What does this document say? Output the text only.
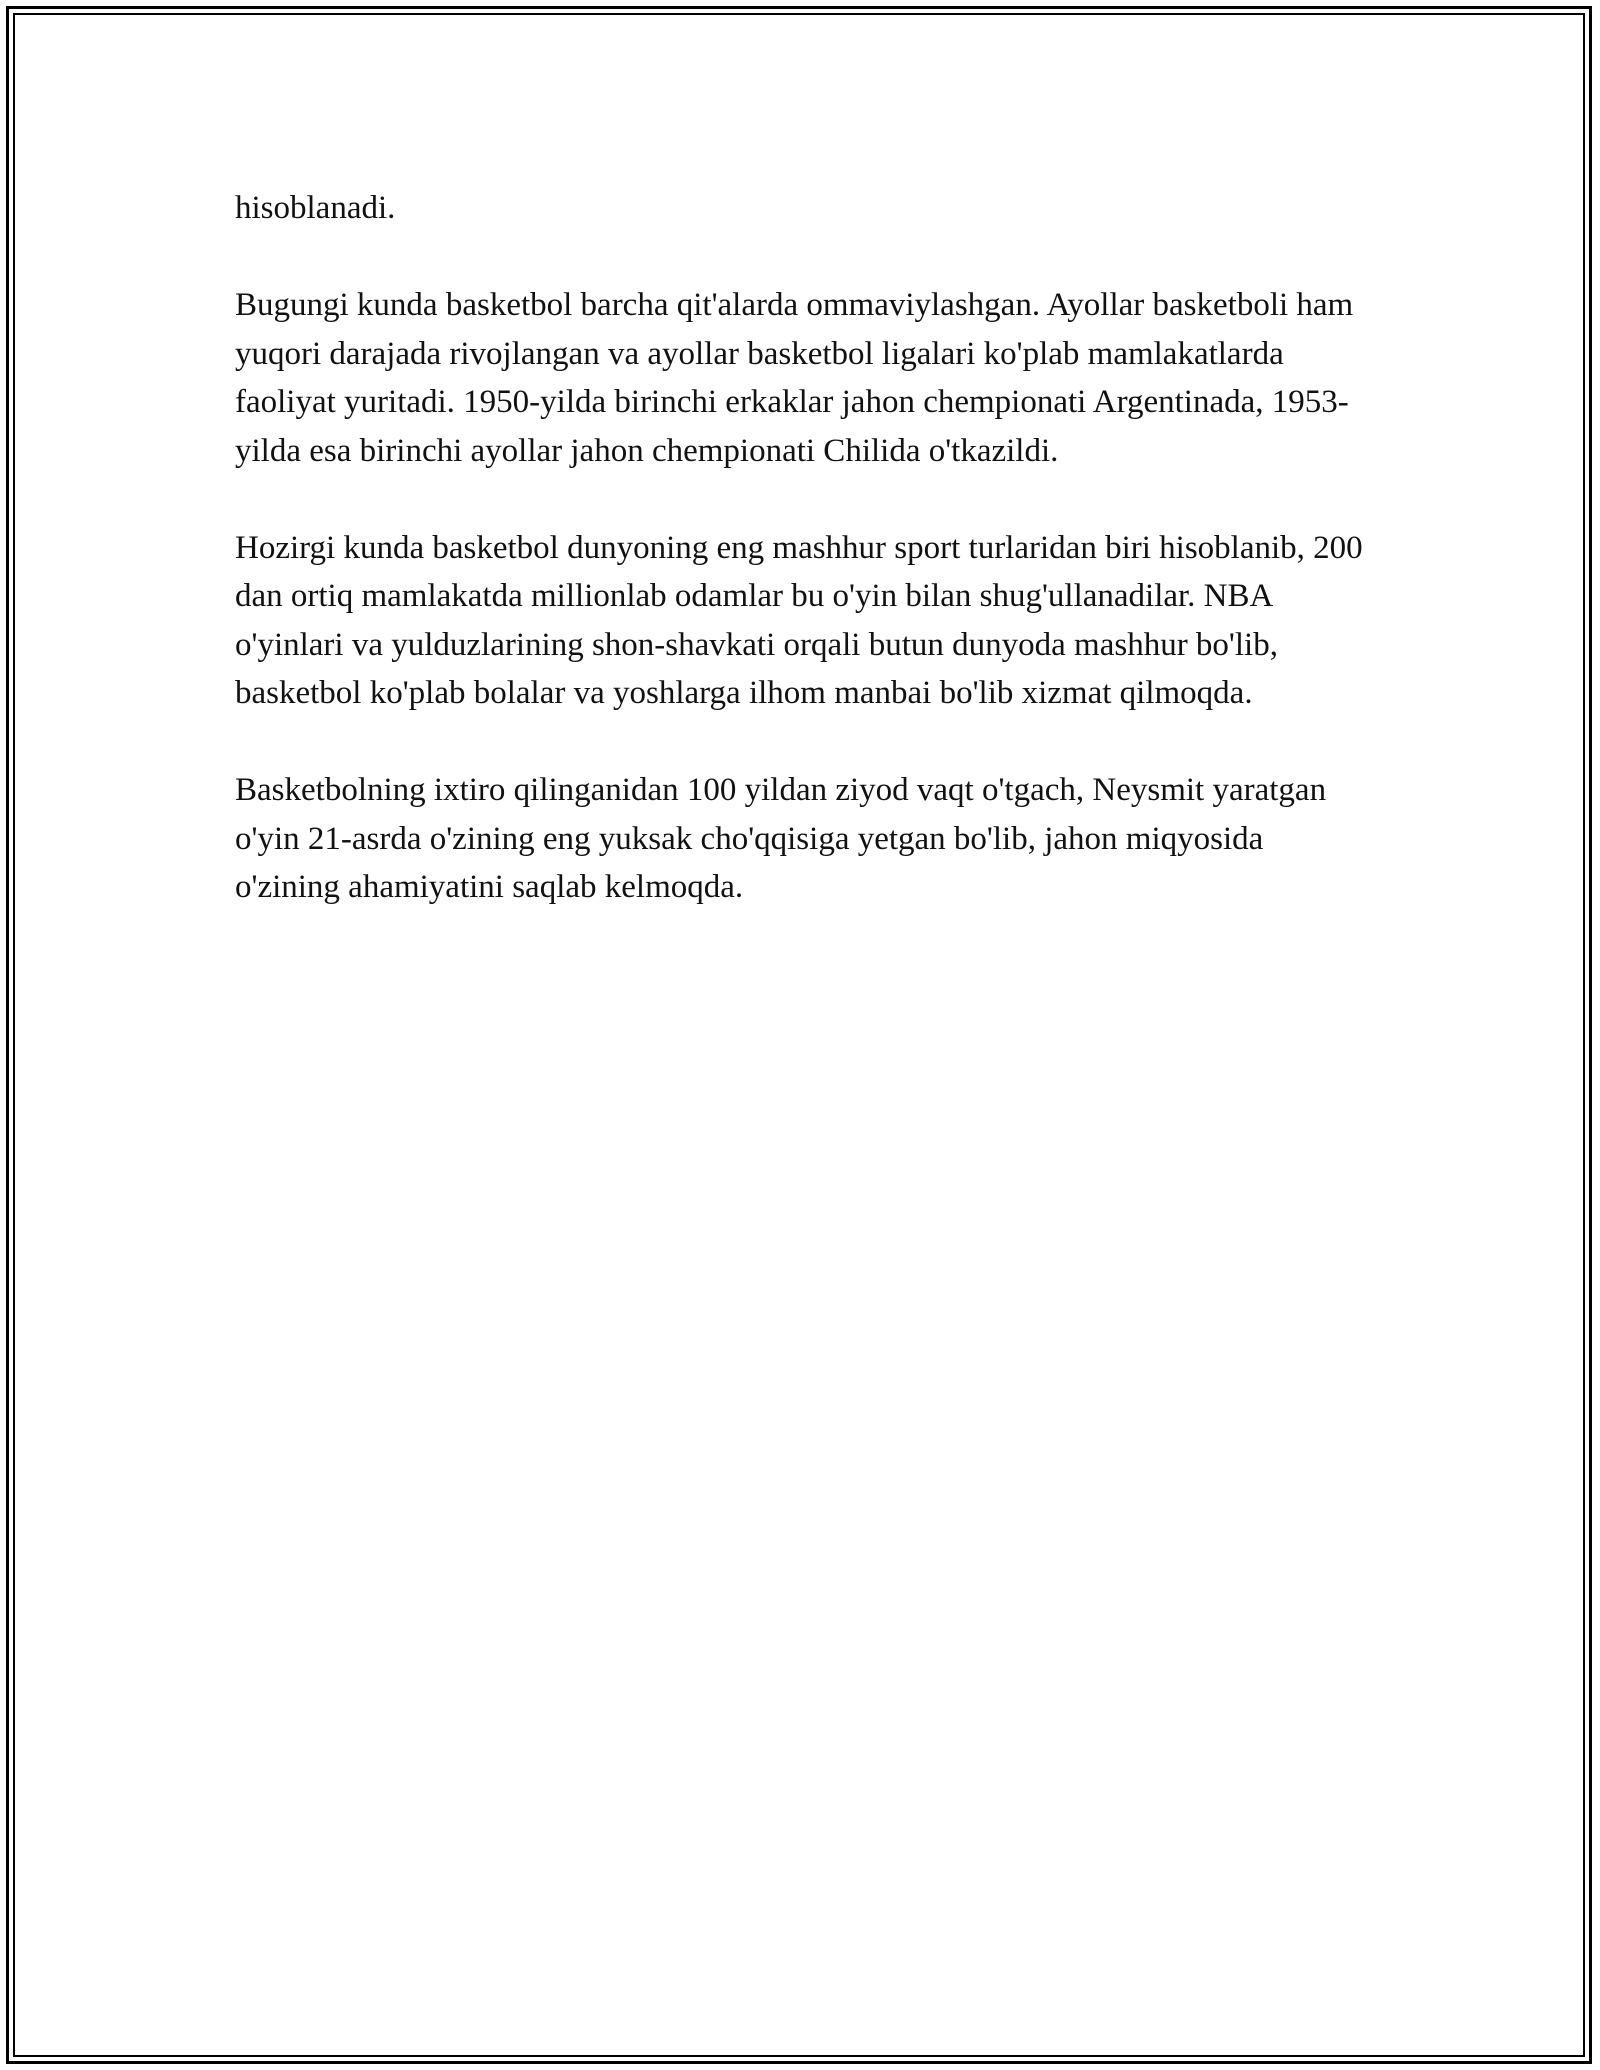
hisoblanadi.

Bugungi kunda basketbol barcha qit'alarda ommaviylashgan. Ayollar basketboli ham yuqori darajada rivojlangan va ayollar basketbol ligalari ko'plab mamlakatlarda faoliyat yuritadi. 1950-yilda birinchi erkaklar jahon chempionati Argentinada, 1953-yilda esa birinchi ayollar jahon chempionati Chilida o'tkazildi.

Hozirgi kunda basketbol dunyoning eng mashhur sport turlaridan biri hisoblanib, 200 dan ortiq mamlakatda millionlab odamlar bu o'yin bilan shug'ullanadilar. NBA o'yinlari va yulduzlarining shon-shavkati orqali butun dunyoda mashhur bo'lib, basketbol ko'plab bolalar va yoshlarga ilhom manbai bo'lib xizmat qilmoqda.

Basketbolning ixtiro qilinganidan 100 yildan ziyod vaqt o'tgach, Neysmit yaratgan o'yin 21-asrda o'zining eng yuksak cho'qqisiga yetgan bo'lib, jahon miqyosida o'zining ahamiyatini saqlab kelmoqda.
